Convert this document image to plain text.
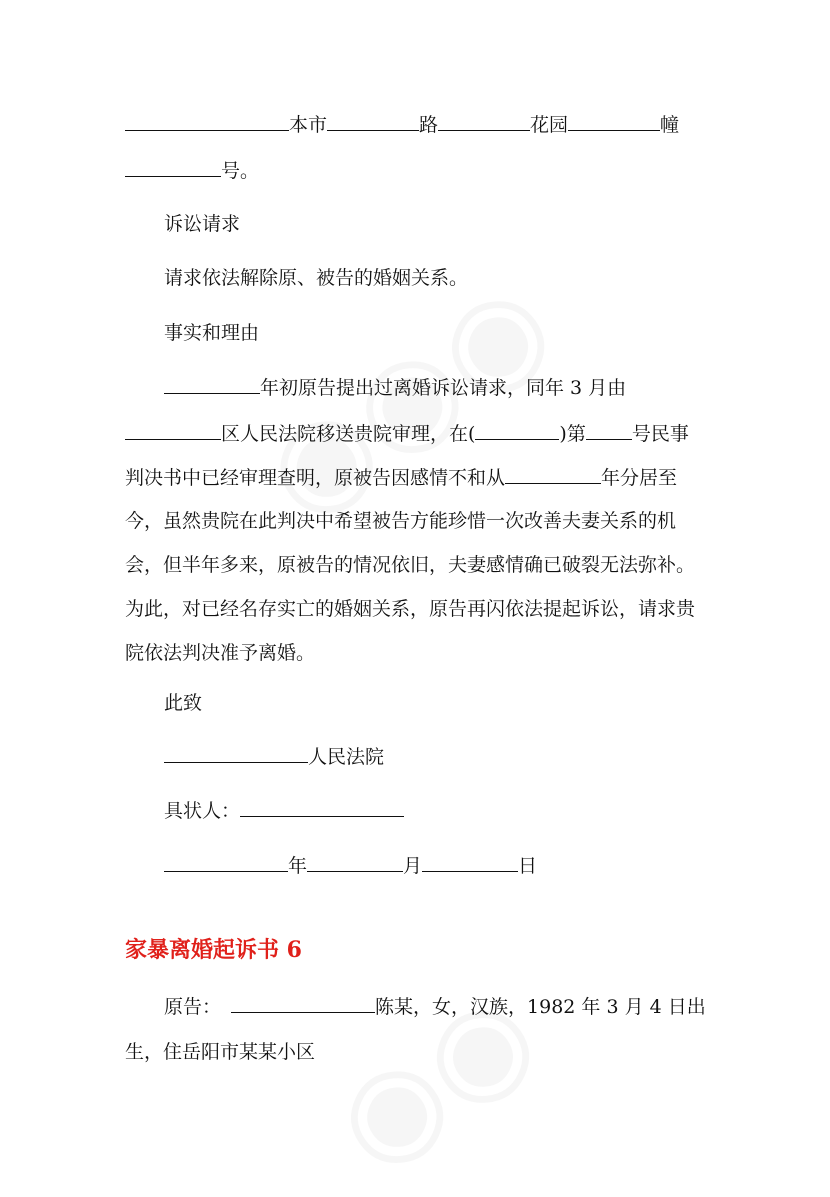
本市	路	花园	幢
号。
诉讼请求
请求依法解除原、被告的婚姻关系。
事实和理由
年初原告提出过离婚诉讼请求，同年 3 月由
区人民法院移送贵院审理，在(	)第 号民事
判决书中已经审理查明，原被告因感情不和从	年分居至
今，虽然贵院在此判决中希望被告方能珍惜一次改善夫妻关系的机
会，但半年多来，原被告的情况依旧，夫妻感情确已破裂无法弥补。
为此，对已经名存实亡的婚姻关系，原告再闪依法提起诉讼，请求贵
院依法判决准予离婚。
此致
人民法院
具状人：
年	月	日
家暴离婚起诉书 6
原告：	陈某，女，汉族，1982 年 3 月 4 日出
生，住岳阳市某某小区
